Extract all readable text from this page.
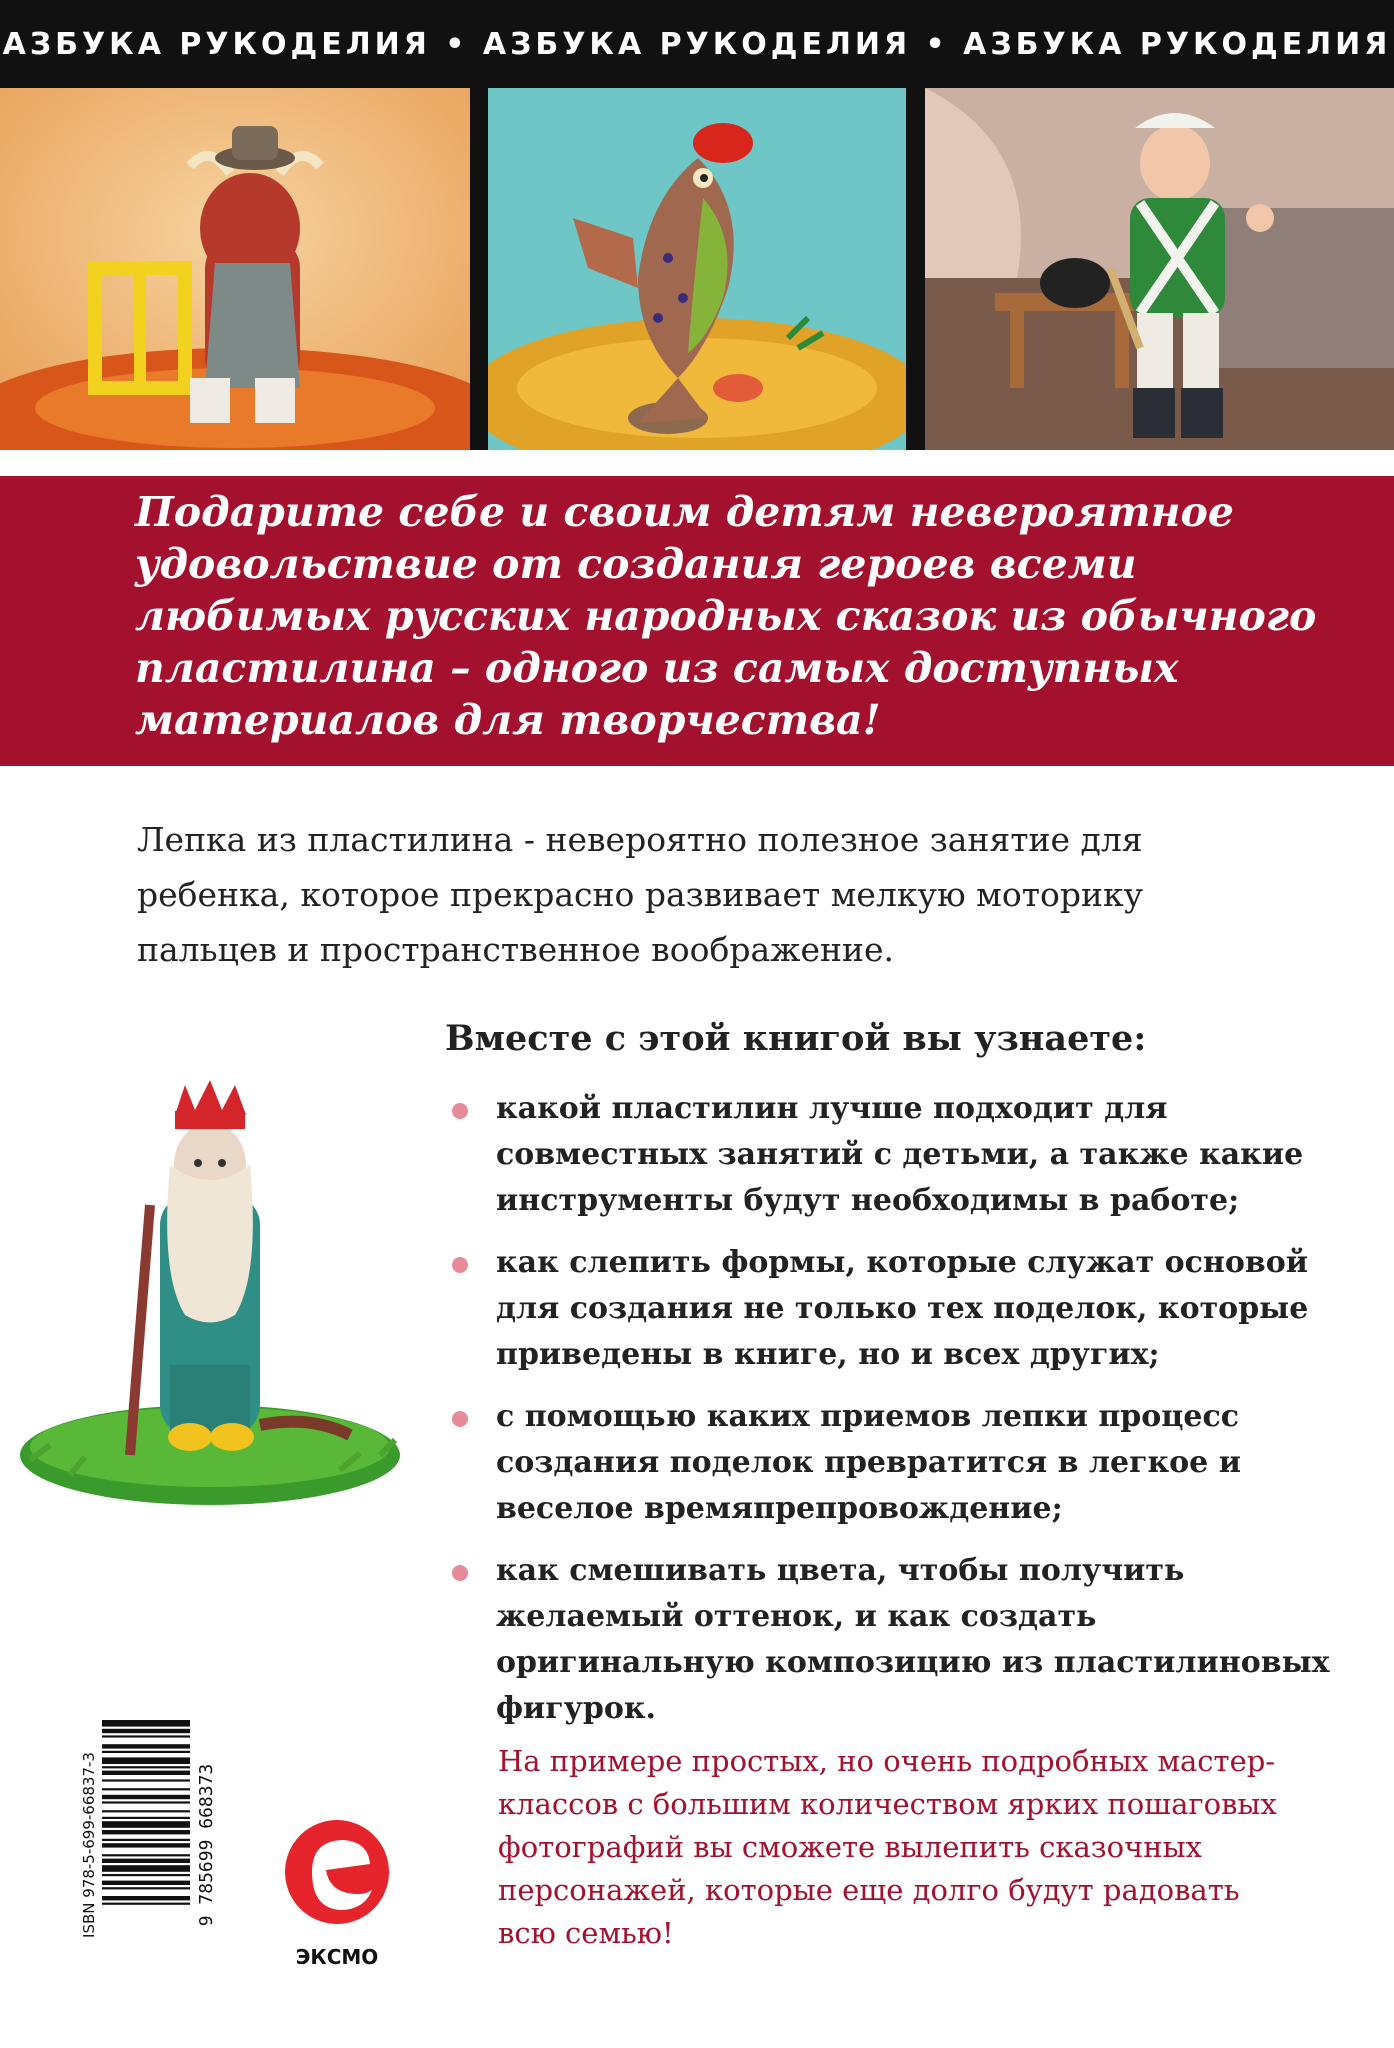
АЗБУКА РУКОДЕЛИЯ • АЗБУКА РУКОДЕЛИЯ • АЗБУКА РУКОДЕЛИЯ

Подарите себе и своим детям невероятное удовольствие от создания героев всеми любимых русских народных сказок из обычного пластилина – одного из самых доступных материалов для творчества!

Лепка из пластилина - невероятно полезное занятие для ребенка, которое прекрасно развивает мелкую моторику пальцев и пространственное воображение.

Вместе с этой книгой вы узнаете:
какой пластилин лучше подходит для совместных занятий с детьми, а также какие инструменты будут необходимы в работе;
как слепить формы, которые служат основой для создания не только тех поделок, которые приведены в книге, но и всех других;
с помощью каких приемов лепки процесс создания поделок превратится в легкое и веселое времяпрепровождение;
как смешивать цвета, чтобы получить желаемый оттенок, и как создать оригинальную композицию из пластилиновых фигурок.
ISBN 978-5-699-66837-3	9 785699 668373
ЭКСМО

На примере простых, но очень подробных мастер-классов с большим количеством ярких пошаговых фотографий вы сможете вылепить сказочных персонажей, которые еще долго будут радовать всю семью!
